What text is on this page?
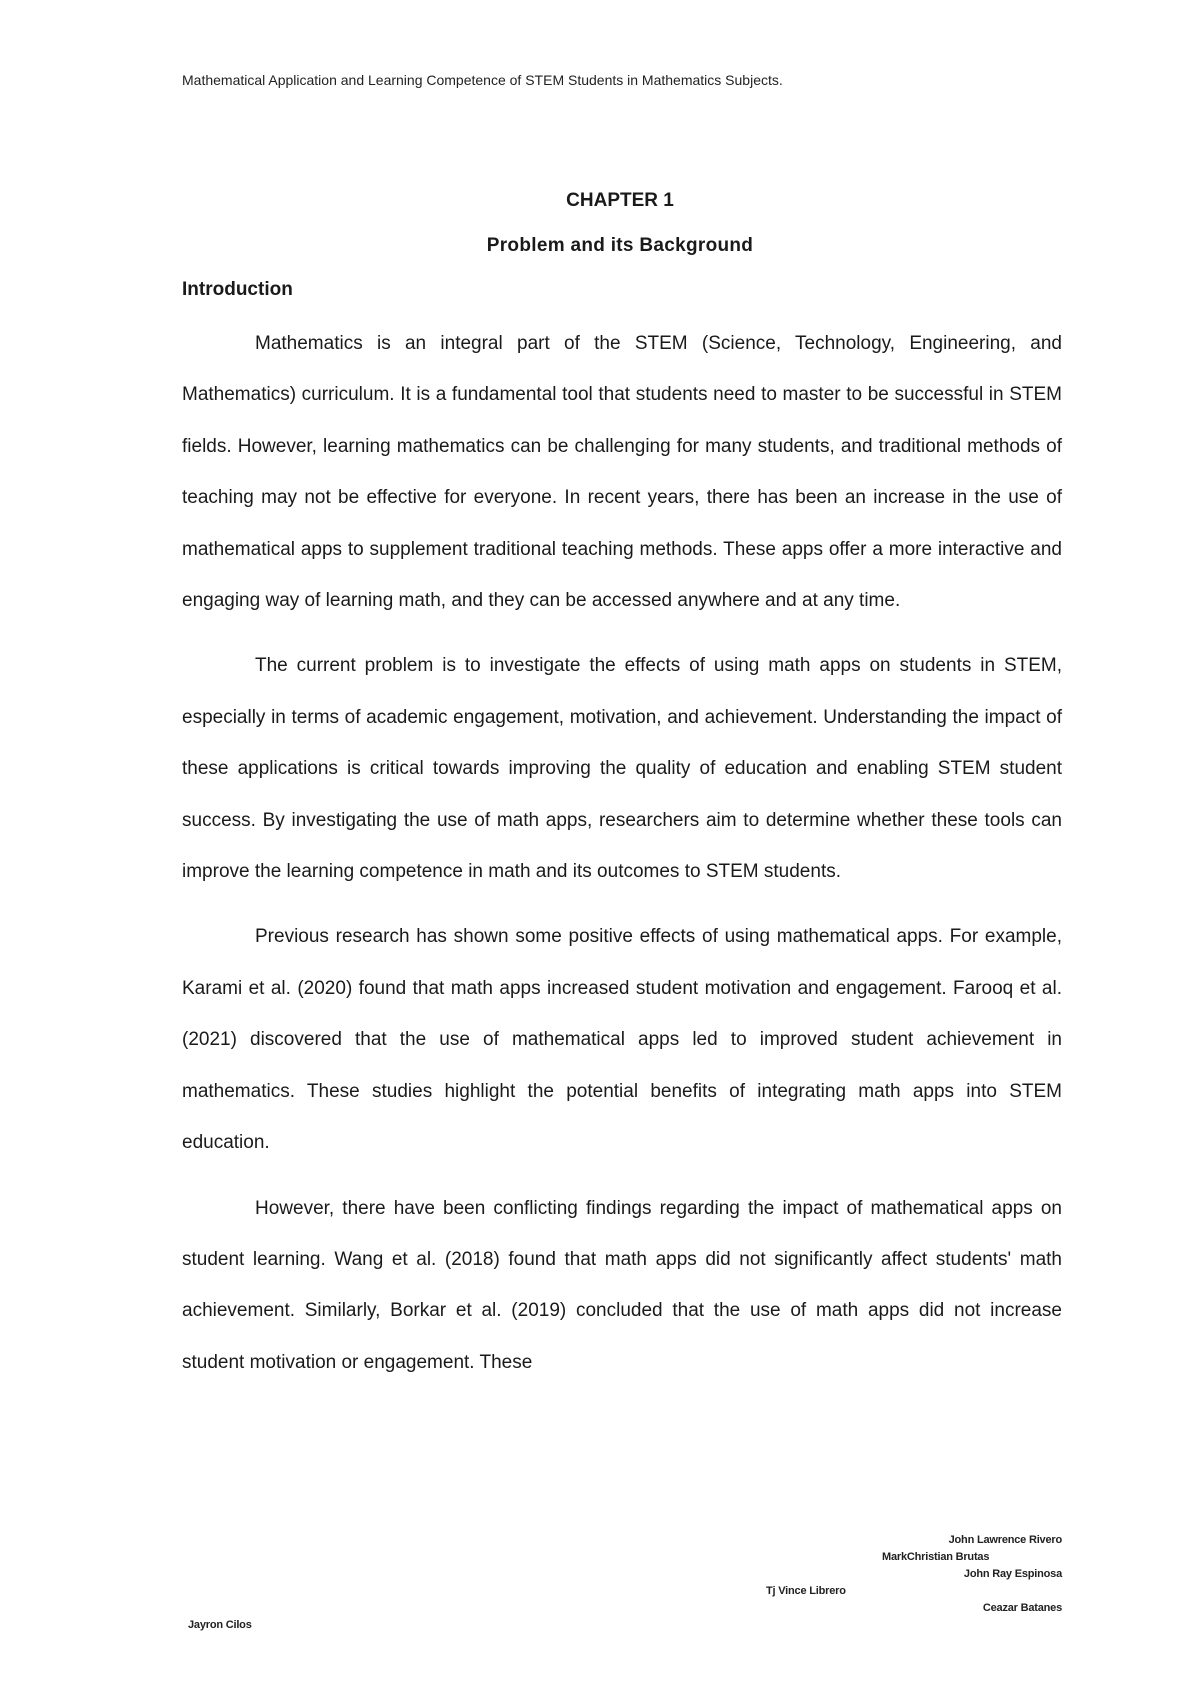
Mathematical Application and Learning Competence of STEM Students in Mathematics Subjects.
CHAPTER 1
Problem and its Background
Introduction

Mathematics is an integral part of the STEM (Science, Technology, Engineering, and Mathematics) curriculum. It is a fundamental tool that students need to master to be successful in STEM fields. However, learning mathematics can be challenging for many students, and traditional methods of teaching may not be effective for everyone. In recent years, there has been an increase in the use of mathematical apps to supplement traditional teaching methods. These apps offer a more interactive and engaging way of learning math, and they can be accessed anywhere and at any time.

The current problem is to investigate the effects of using math apps on students in STEM, especially in terms of academic engagement, motivation, and achievement. Understanding the impact of these applications is critical towards improving the quality of education and enabling STEM student success. By investigating the use of math apps, researchers aim to determine whether these tools can improve the learning competence in math and its outcomes to STEM students.

Previous research has shown some positive effects of using mathematical apps. For example, Karami et al. (2020) found that math apps increased student motivation and engagement. Farooq et al. (2021) discovered that the use of mathematical apps led to improved student achievement in mathematics. These studies highlight the potential benefits of integrating math apps into STEM education.

However, there have been conflicting findings regarding the impact of mathematical apps on student learning. Wang et al. (2018) found that math apps did not significantly affect students' math achievement. Similarly, Borkar et al. (2019) concluded that the use of math apps did not increase student motivation or engagement. These

John Lawrence Rivero
MarkChristian Brutas
John Ray Espinosa
Tj Vince Librero
Ceazar Batanes
Jayron Cilos
